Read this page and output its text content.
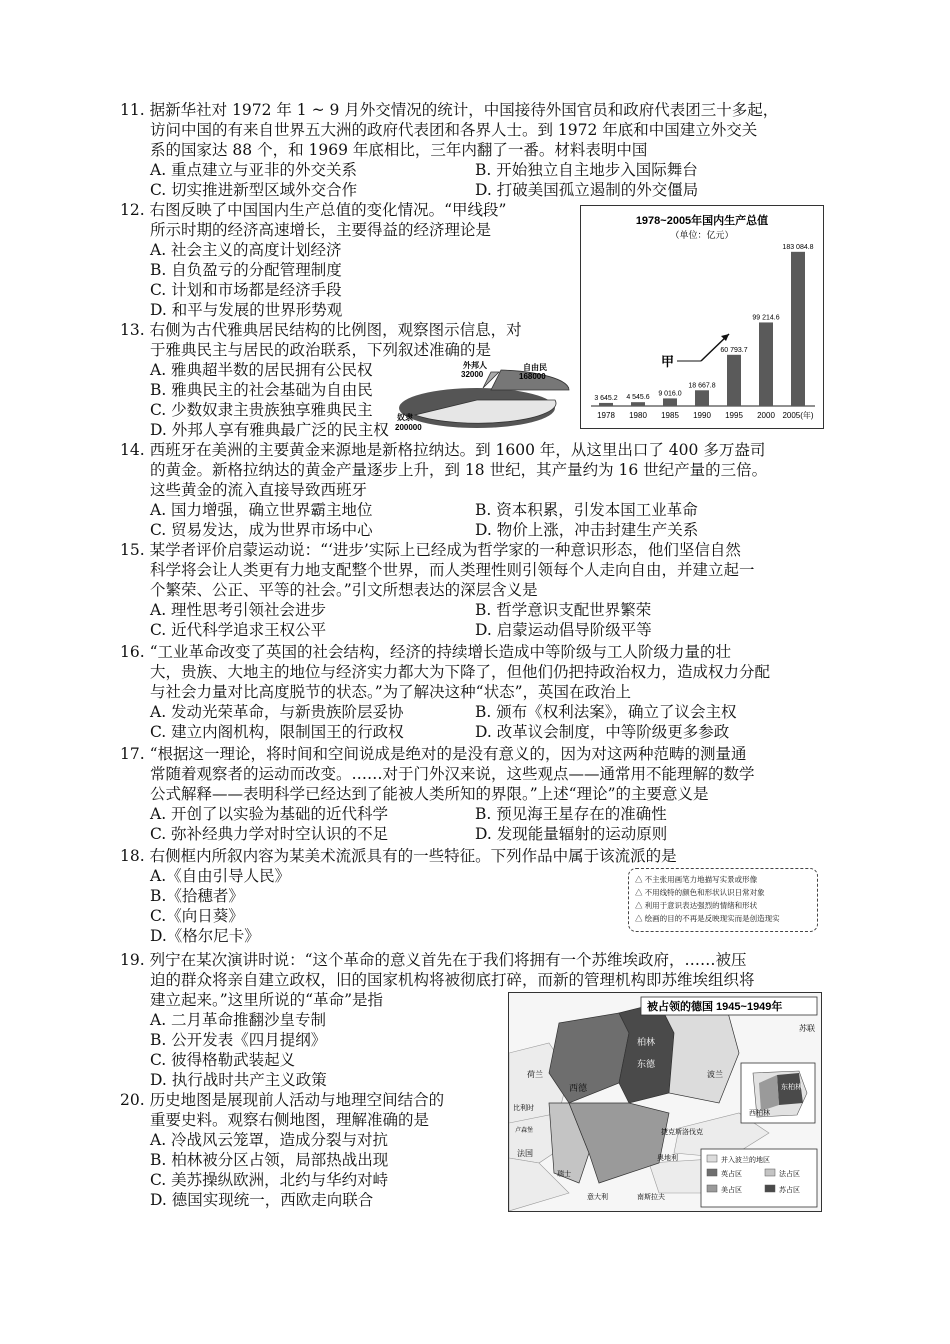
11. 据新华社对 1972 年 1 ~ 9 月外交情况的统计，中国接待外国官员和政府代表团三十多起，
访问中国的有来自世界五大洲的政府代表团和各界人士。到 1972 年底和中国建立外交关
系的国家达 88 个，和 1969 年底相比，三年内翻了一番。材料表明中国
A. 重点建立与亚非的外交关系	B. 开始独立自主地步入国际舞台
C. 切实推进新型区域外交合作	D. 打破美国孤立遏制的外交僵局
12. 右图反映了中国国内生产总值的变化情况。“甲线段”
所示时期的经济高速增长，主要得益的经济理论是
A. 社会主义的高度计划经济
B. 自负盈亏的分配管理制度
C. 计划和市场都是经济手段
D. 和平与发展的世界形势观
1978~2005年国内生产总值
（单位：亿元）
3 645.2
1978
4 545.6
1980
9 016.0
1985
18 667.8
1990
60 793.7
1995
99 214.6
2000
183 084.8
2005(年)
甲
13. 右侧为古代雅典居民结构的比例图，观察图示信息，对
于雅典民主与居民的政治联系，下列叙述准确的是
A. 雅典超半数的居民拥有公民权
B. 雅典民主的社会基础为自由民
C. 少数奴隶主贵族独享雅典民主
D. 外邦人享有雅典最广泛的民主权
外邦人
32000
自由民
168000
奴隶
200000
14. 西班牙在美洲的主要黄金来源地是新格拉纳达。到 1600 年，从这里出口了 400 多万盎司
的黄金。新格拉纳达的黄金产量逐步上升，到 18 世纪，其产量约为 16 世纪产量的三倍。
这些黄金的流入直接导致西班牙
A. 国力增强，确立世界霸主地位	B. 资本积累，引发本国工业革命
C. 贸易发达，成为世界市场中心	D. 物价上涨，冲击封建生产关系
15. 某学者评价启蒙运动说：“‘进步’实际上已经成为哲学家的一种意识形态，他们坚信自然
科学将会让人类更有力地支配整个世界，而人类理性则引领每个人走向自由，并建立起一
个繁荣、公正、平等的社会。”引文所想表达的深层含义是
A. 理性思考引领社会进步	B. 哲学意识支配世界繁荣
C. 近代科学追求王权公平	D. 启蒙运动倡导阶级平等
16. “工业革命改变了英国的社会结构，经济的持续增长造成中等阶级与工人阶级力量的壮
大，贵族、大地主的地位与经济实力都大为下降了，但他们仍把持政治权力，造成权力分配
与社会力量对比高度脱节的状态。”为了解决这种“状态”，英国在政治上
A. 发动光荣革命，与新贵族阶层妥协	B. 颁布《权利法案》，确立了议会主权
C. 建立内阁机构，限制国王的行政权	D. 改革议会制度，中等阶级更多参政
17. “根据这一理论，将时间和空间说成是绝对的是没有意义的，因为对这两种范畴的测量通
常随着观察者的运动而改变。……对于门外汉来说，这些观点——通常用不能理解的数学
公式解释——表明科学已经达到了能被人类所知的界限。”上述“理论”的主要意义是
A. 开创了以实验为基础的近代科学	B. 预见海王星存在的准确性
C. 弥补经典力学对时空认识的不足	D. 发现能量辐射的运动原则
18. 右侧框内所叙内容为某美术流派具有的一些特征。下列作品中属于该流派的是
A.《自由引导人民》
B.《拾穗者》
C.《向日葵》
D.《格尔尼卡》
△ 不主张用画笔力地描写实景或形像
△ 不用线特的颜色和形状认识日常对象
△ 利用于意识表达强烈的情绪和形状
△ 绘画的目的不再是反映现实而是创造现实
19. 列宁在某次演讲时说：“这个革命的意义首先在于我们将拥有一个苏维埃政府，……被压
迫的群众将亲自建立政权，旧的国家机构将被彻底打碎，而新的管理机构即苏维埃组织将
建立起来。”这里所说的“革命”是指
A. 二月革命推翻沙皇专制
B. 公开发表《四月提纲》
C. 彼得格勒武装起义
D. 执行战时共产主义政策
20. 历史地图是展现前人活动与地理空间结合的
重要史料。观察右侧地图，理解准确的是
A. 冷战风云笼罩，造成分裂与对抗
B. 柏林被分区占领，局部热战出现
C. 美苏操纵欧洲，北约与华约对峙
D. 德国实现统一，西欧走向联合
被占领的德国 1945~1949年
苏联
柏林
东德
西德
波兰
荷兰
比利时
卢森堡
法国
捷克斯洛伐克
奥地利
瑞士
意大利	南斯拉夫
东柏林
西柏林
并入波兰的地区
英占区	法占区
美占区	苏占区
